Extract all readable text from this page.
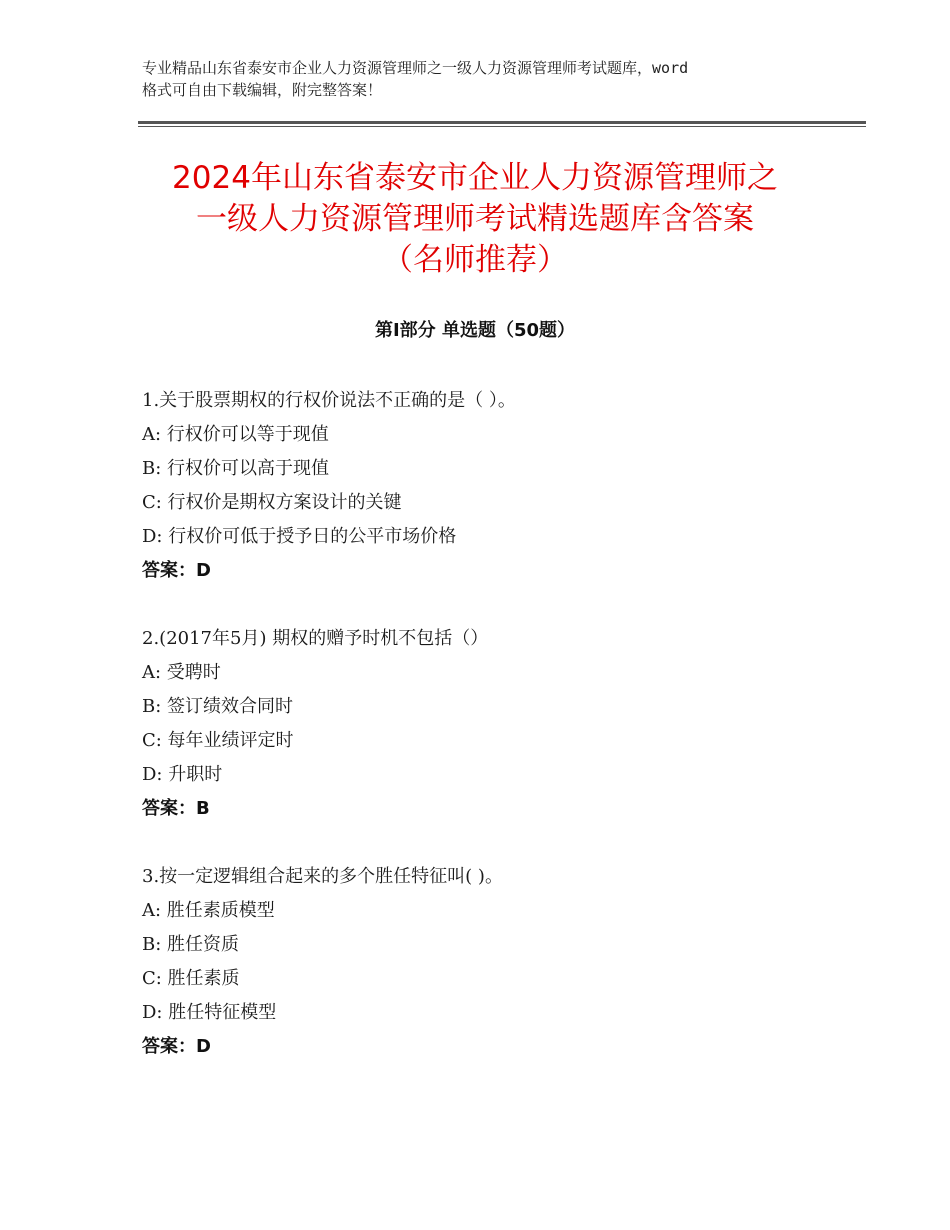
专业精品山东省泰安市企业人力资源管理师之一级人力资源管理师考试题库，word
格式可自由下载编辑，附完整答案！
2024年山东省泰安市企业人力资源管理师之
一级人力资源管理师考试精选题库含答案
（名师推荐）
第Ⅰ部分 单选题（50题）
1.关于股票期权的行权价说法不正确的是（ ）。
A: 行权价可以等于现值
B: 行权价可以高于现值
C: 行权价是期权方案设计的关键
D: 行权价可低于授予日的公平市场价格
答案：D
2.(2017年5月) 期权的赠予时机不包括（）
A: 受聘时
B: 签订绩效合同时
C: 每年业绩评定时
D: 升职时
答案：B
3.按一定逻辑组合起来的多个胜任特征叫( )。
A: 胜任素质模型
B: 胜任资质
C: 胜任素质
D: 胜任特征模型
答案：D
